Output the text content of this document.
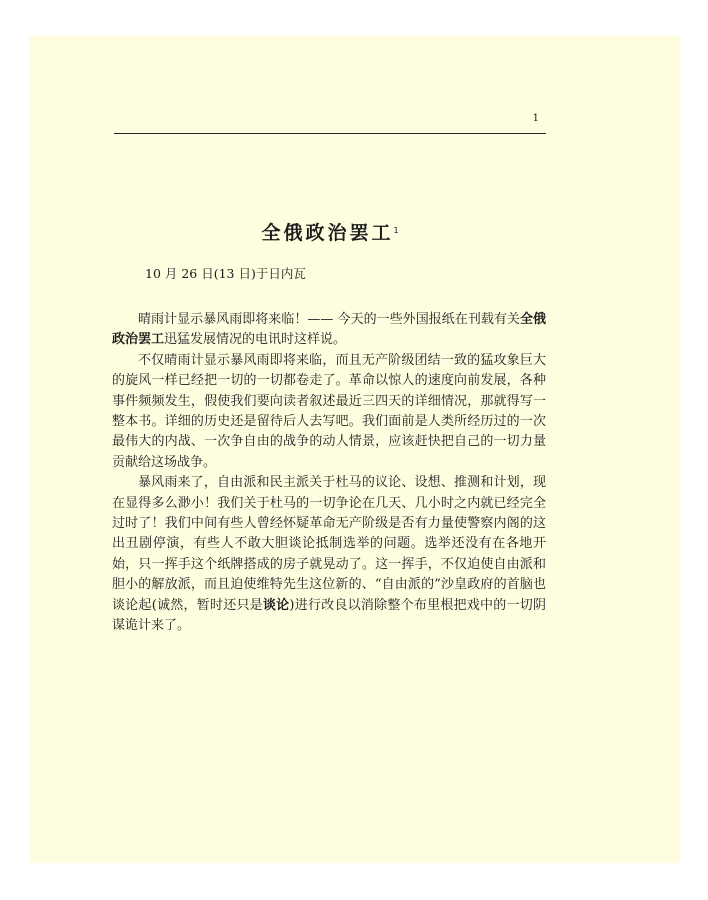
1
全俄政治罢工$^1$
10 月 26 日(13 日)于日内瓦

晴雨计显示暴风雨即将来临！—— 今天的一些外国报纸在刊载有关全俄政治罢工迅猛发展情况的电讯时这样说。

不仅晴雨计显示暴风雨即将来临，而且无产阶级团结一致的猛攻象巨大的旋风一样已经把一切的一切都卷走了。革命以惊人的速度向前发展，各种事件频频发生，假使我们要向读者叙述最近三四天的详细情况，那就得写一整本书。详细的历史还是留待后人去写吧。我们面前是人类所经历过的一次最伟大的内战、一次争自由的战争的动人情景，应该赶快把自己的一切力量贡献给这场战争。

暴风雨来了，自由派和民主派关于杜马的议论、设想、推测和计划，现在显得多么渺小！我们关于杜马的一切争论在几天、几小时之内就已经完全过时了！我们中间有些人曾经怀疑革命无产阶级是否有力量使警察内阁的这出丑剧停演，有些人不敢大胆谈论抵制选举的问题。选举还没有在各地开始，只一挥手这个纸牌搭成的房子就晃动了。这一挥手，不仅迫使自由派和胆小的解放派，而且迫使维特先生这位新的、“自由派的”沙皇政府的首脑也谈论起(诚然，暂时还只是谈论)进行改良以消除整个布里根把戏中的一切阴谋诡计来了。
